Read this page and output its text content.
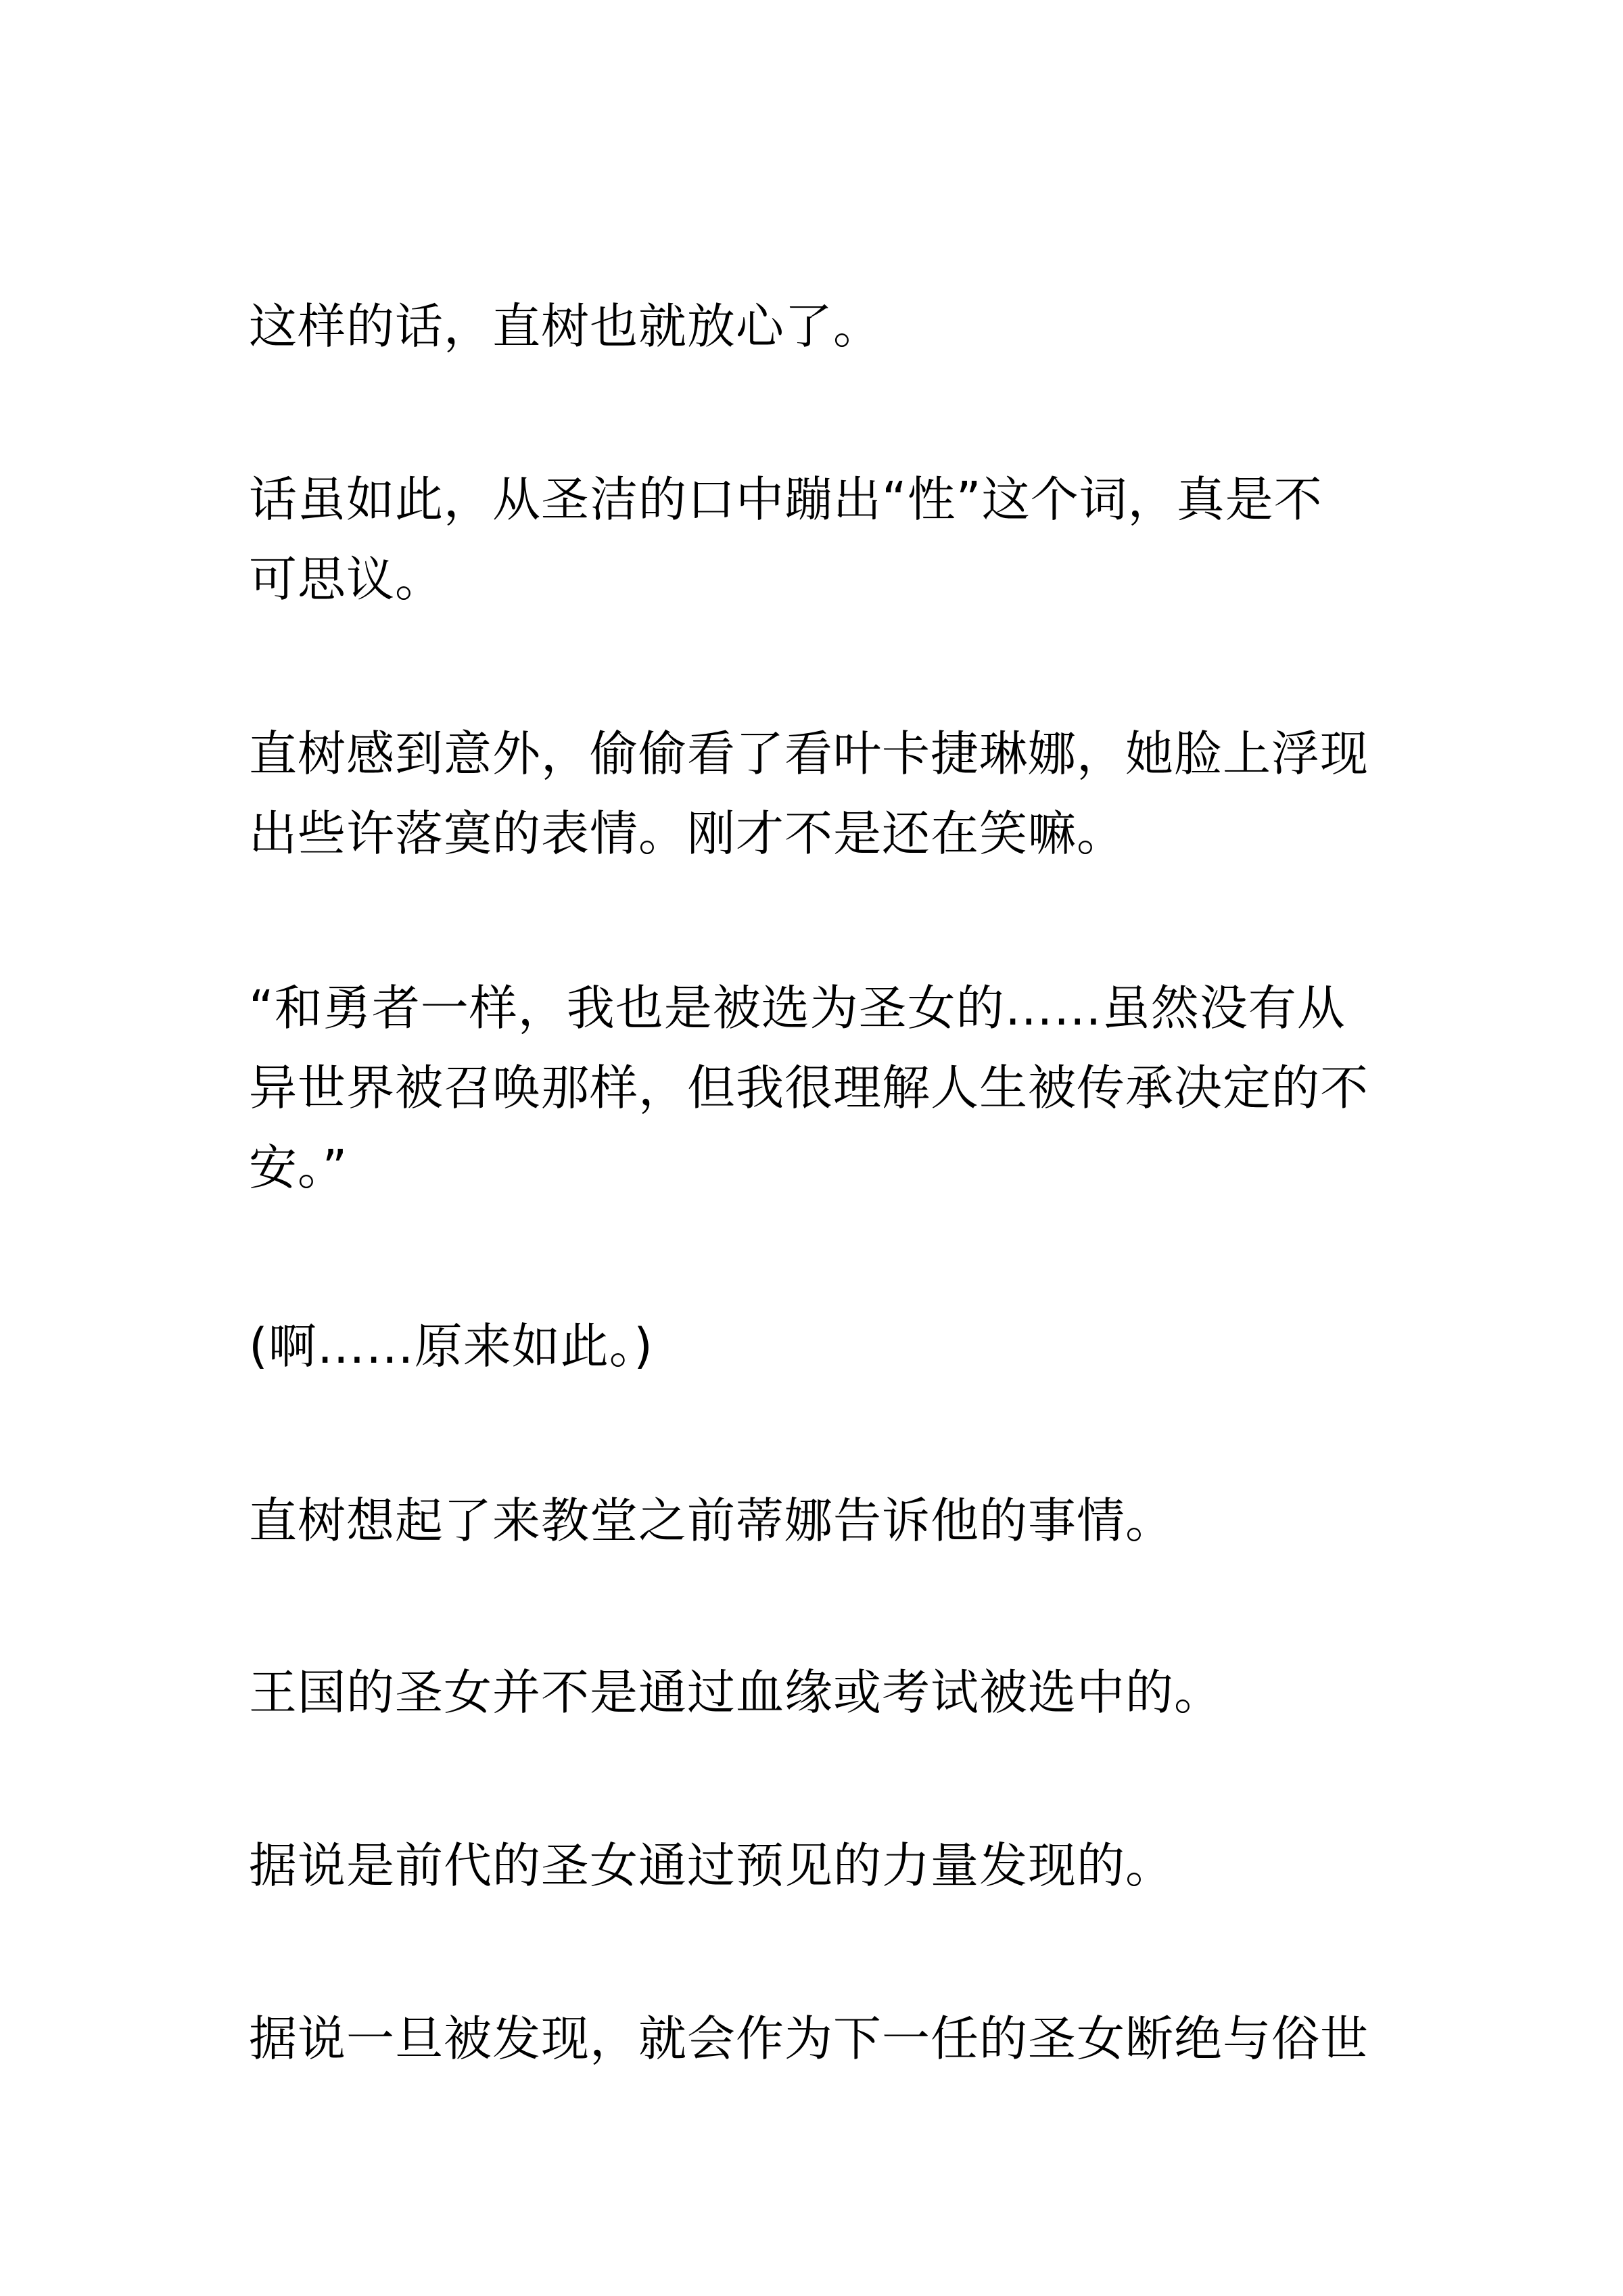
这样的话，直树也就放心了。
话虽如此，从圣洁的口中蹦出“性”这个词，真是不
可思议。
直树感到意外，偷偷看了看叶卡捷琳娜，她脸上浮现
出些许落寞的表情。刚才不是还在笑嘛。
“和勇者一样，我也是被选为圣女的……虽然没有从
异世界被召唤那样，但我很理解人生被传承决定的不
安。”
(啊……原来如此。)
直树想起了来教堂之前蒂娜告诉他的事情。
王国的圣女并不是通过血缘或考试被选中的。
据说是前代的圣女通过预见的力量发现的。
据说一旦被发现，就会作为下一任的圣女断绝与俗世
